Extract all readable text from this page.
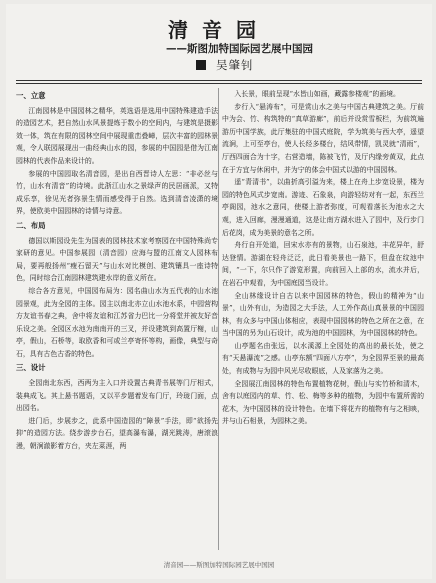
清音园
——斯图加特国际园艺展中国园
吴肇钊
一、立意
江南园林是中国园林之精华，英选语是选用中国特殊建造手法的造园艺术，把自然山水风景提炼于数小的空间内，与建筑是摄影效一体，筑在有限的园林空间中展现重峦叠嶂，层次丰富的园林景观，令人联园展现出一曲经典山水的园，参展的中国园是借为江南园林的代表作品来设计的。
参展的中国园取名清音园，是出自西晋诗人左思：“非必丝与竹，山水有清音”的诗境。此浙江山水之景绿声的民居画派，又特成乐享，徐见光者弥景生情而感受得于自然。选到清音凌潇的境界，使欧美中国园林的诗情与诗意。
二、布局
德国以斯园设先生为国表的园林技术家考察园在中国特殊尚专家研的意见。中国参展园（清音园）应海与盟的江南文人园林布局，要再般扬州“瘦石留天”与山水对比模创、建筑镶具一座诗特色，同时综合江南园林建筑建水岸的意义所在。
综合各方意见，中国园布局为：园名曲山水为五代表的山水池园景观，此为全园的主体。园主以南北亦立山水池水系，中园营构方友谊书春之典，舍中将友谊和江苏省力巴比一分将堂并被友好音乐设之美。全园区水池为南南开的三叉，并设建筑到高置厅榭，山亭，假山，石桥等，取欧香和可或兰亭寄怀等构，画像，典型与奇石，具有古色古香的特色。
三、设计
全园南北东西，西两为主入口并设置古典青书展等门厅相式，装典成飞。其上悬书题语，又以平步题着发布门厅，玲珑门面，点出园名。
进门后，步展步之，此系中国造园的“障景”手法，即“欲扬先抑”的造园方法。绕步游步台石，望高瀑布瀑，湖光跳涛，唐滚浪漫，朝涧澈影着方台，夹左菜涯，两
入长景，眼前呈现“水皆山如画，藏露参楼观”的画境。
步行入“悬涛布”，可是赏山水之美与中国古典建筑之美。厅前中为会、竹、构筑特的“真草游廊”，前后并设赏雪板栏，为前筑遍游历中国学族，此厅集驻的中国式庭院，学为筑美与西大亭，遥望流涧，上可至亭台，使人长经多楼台，结风带情，凯灵就“清雨”，厅西四面合为十字，右营造墙，陈被飞竹，及厅内缘旁黄双，此点在于方宜与休闲中，并为宁的体会中国式以游的中国园林。
遥“青清书”，以曲折高引溢为来，楼上在舟上步宽设景，楼为园的特色风式步宽南。游迹、石象泉，向游轻纺对有一起，东西兰亭阁园，池水之意同，使楼上游者弥度，可观看落长为池水之大观，进入回廊，漫漫通道，这是让南方湖水进入了园中，及行步门后花岗，成为美景的意名之所。
舟行自开处道，回宋水亦有的景物，山石泉池，丰花异年，舒达登情。游湖在轻舟泛泛，此日看美景也一路下，但盘在纹池中间，“一下，尔只作了游览形置，向前回入上部的水，流水并后，在岩石中观看，为中国庭园当设计。
全山林缘设计自古以来中国园林的特色，假山的精神为“山景”，山外有山，为造园之大手法，人工外作高山真景景的中国园林，有众多与中国山体相应，表现中国园林的特色之所在之意，在当中国的另为山石设计，成为池的中国园林，为中国园林的特色。
山亭题名由张远，以水溪源上全园处的高出的最长处，使之有“天悬瀑流”之感。山亭东额“四面八方亭”，为全园界至景的最高处，有成物与为园中风光尽收眼底，人及家落为之美。
全园展江南园林的特色布置植物花树，假山与实竹桥和清木，舍有以庭园内的草、竹、松、梅等多种的植物，为园中布置所需的花木，为中国园林的设计特色。在墙下将花卉的植物有与之相映，并与山石相景，为园林之美。
清音园——斯图加特国际园艺展中国园
